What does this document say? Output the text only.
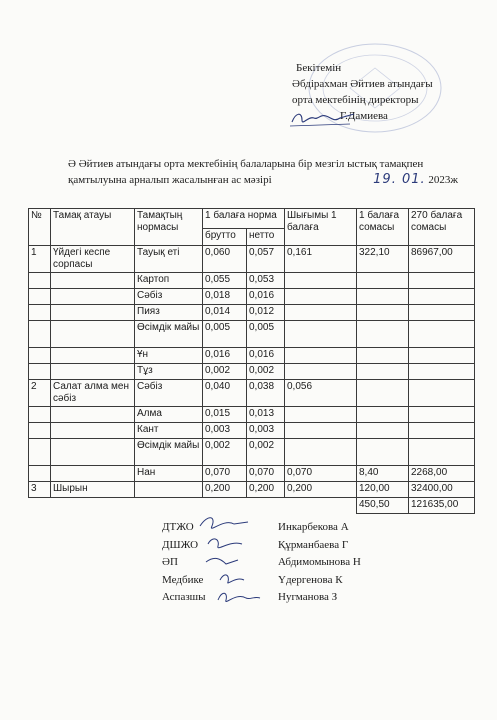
Бекітемін
Әбдірахман Әйтиев атындағы
орта мектебінің директоры
Г.Дамиева
Ә Әйтиев атындағы орта мектебінің балаларына бір мезгіл ыстық тамақпен
қамтылуына арналып жасалынған ас мәзірі	19. 01. 2023ж
№	Тамақ атауы	Тамақтың нормасы	1 балаға норма		Шығымы 1 балаға	1 балаға сомасы	270 балаға сомасы
			брутто	нетто			
1	Үйдегі кеспе сорпасы	Тауық еті	0,060	0,057	0,161	322,10	86967,00
		Картоп	0,055	0,053			
		Сәбіз	0,018	0,016			
		Пияз	0,014	0,012			
		Өсімдік майы	0,005	0,005			
		Ұн	0,016	0,016			
		Тұз	0,002	0,002			
2	Салат алма мен сәбіз	Сәбіз	0,040	0,038	0,056		
		Алма	0,015	0,013			
		Кант	0,003	0,003			
		Өсімдік майы	0,002	0,002			
		Нан	0,070	0,070	0,070	8,40	2268,00
3	Шырын		0,200	0,200	0,200	120,00	32400,00
						450,50	121635,00
ДТЖО	Инкарбекова А
ДШЖО	Құрманбаева Г
ӘП	Абдимомынова Н
Медбике	Үдергенова К
Аспазшы	Нугманова З
